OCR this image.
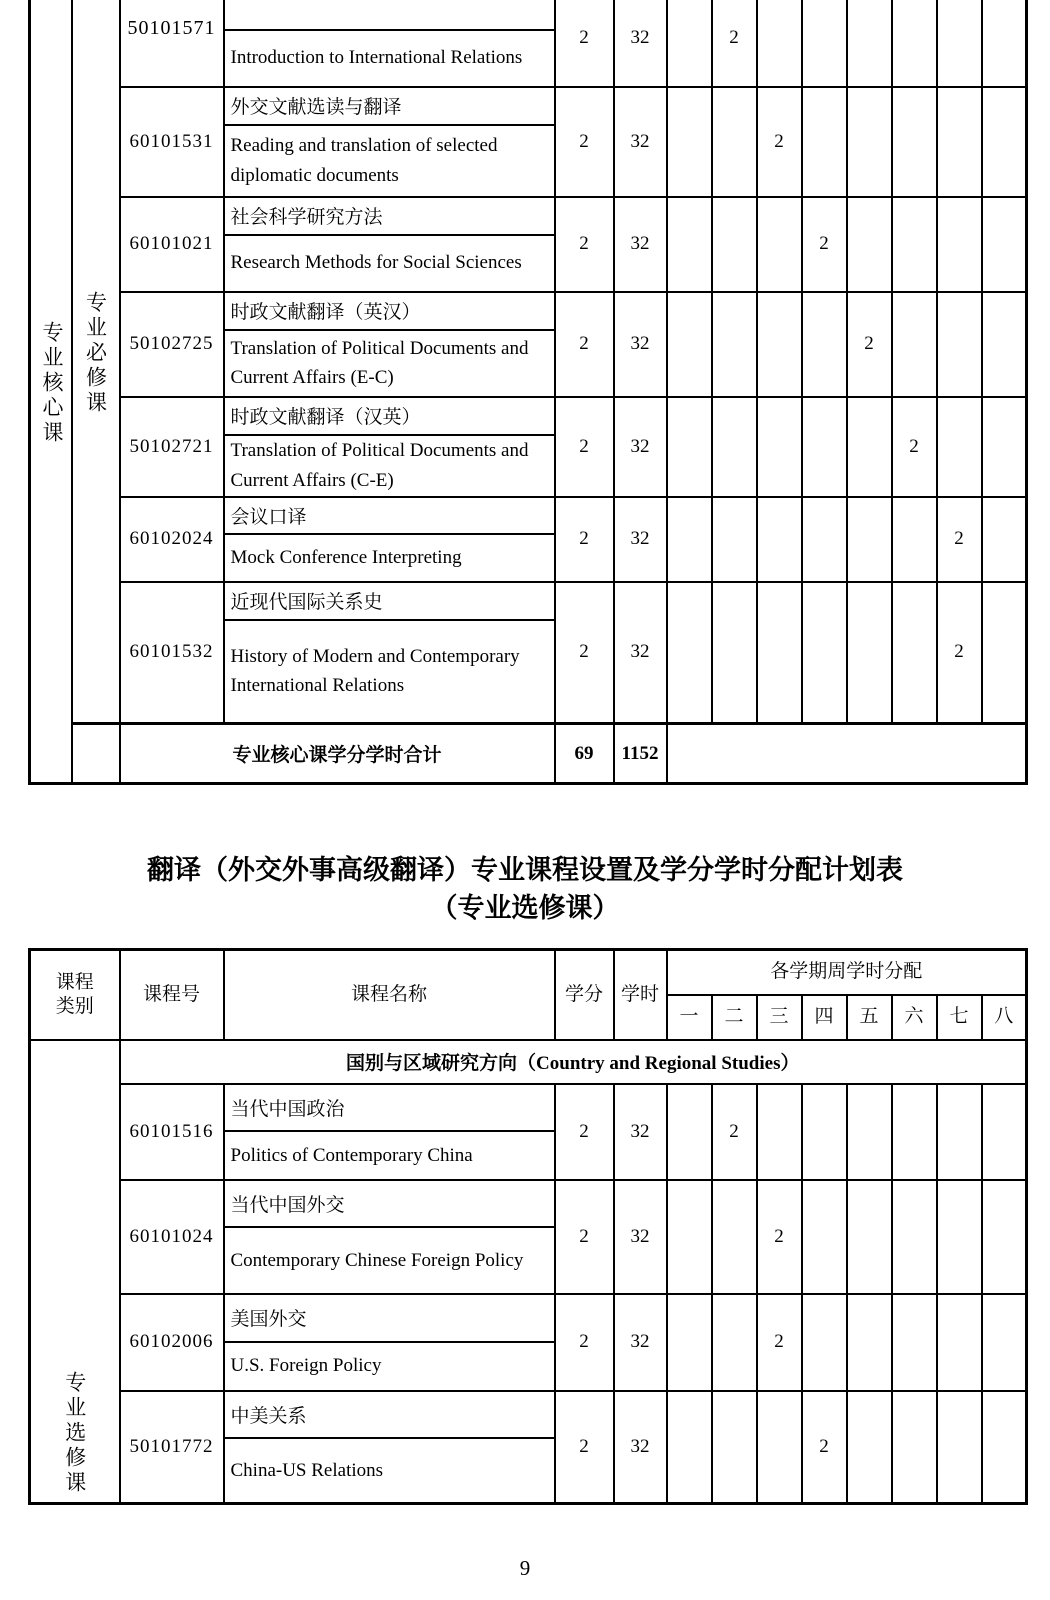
专业核心课	专业必修课	50101571		2	32		2						
			Introduction to International Relations										
		60101531	外交文献选读与翻译	2	32			2					
			Reading and translation of selected diplomatic documents										
		60101021	社会科学研究方法	2	32				2				
			Research Methods for Social Sciences										
		50102725	时政文献翻译（英汉）	2	32					2			
			Translation of Political Documents and Current Affairs (E-C)										
		50102721	时政文献翻译（汉英）	2	32						2		
			Translation of Political Documents and Current Affairs (C-E)										
		60102024	会议口译	2	32							2	
			Mock Conference Interpreting										
		60101532	近现代国际关系史	2	32							2	
			History of Modern and Contemporary International Relations										
		专业核心课学分学时合计		69	1152								
翻译（外交外事高级翻译）专业课程设置及学分学时分配计划表
（专业选修课）
课程类别	课程号	课程名称	学分	学时	各学期周学时分配							
					一	二	三	四	五	六	七	八
专业选修课	国别与区域研究方向（Country and Regional Studies）											
	60101516	当代中国政治	2	32		2						
		Politics of Contemporary China										
	60101024	当代中国外交	2	32			2					
		Contemporary Chinese Foreign Policy										
	60102006	美国外交	2	32			2					
		U.S. Foreign Policy										
	50101772	中美关系	2	32				2				
		China-US Relations										
9
